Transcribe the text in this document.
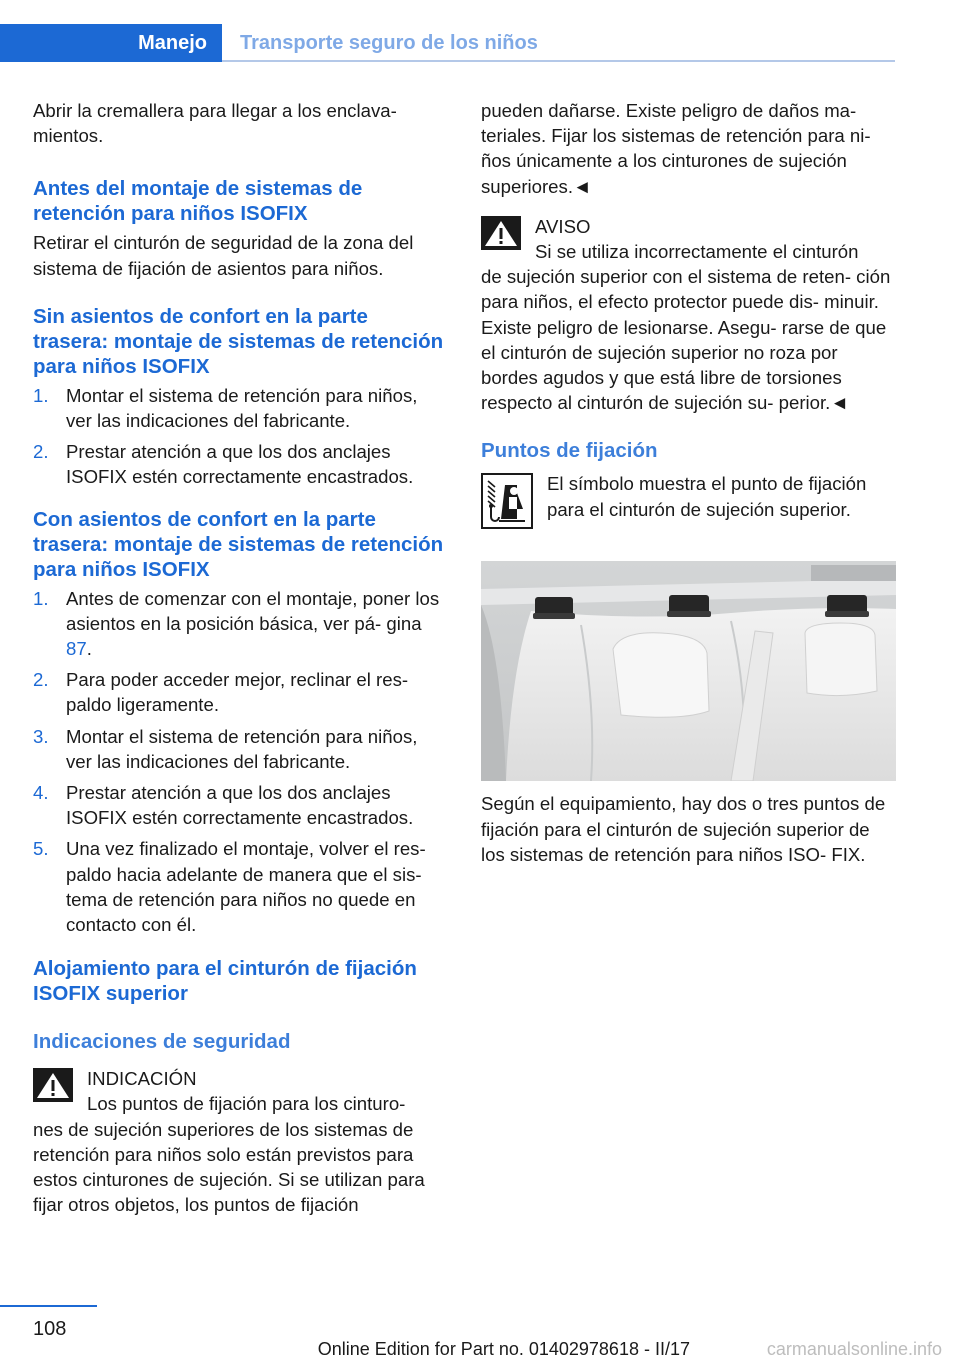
Manejo Transporte seguro de los niños

Abrir la cremallera para llegar a los enclava- mientos.

Antes del montaje de sistemas de retención para niños ISOFIX

Retirar el cinturón de seguridad de la zona del sistema de fijación de asientos para niños.

Sin asientos de confort en la parte trasera: montaje de sistemas de retención para niños ISOFIX
1. Montar el sistema de retención para niños, ver las indicaciones del fabricante.
2. Prestar atención a que los dos anclajes ISOFIX estén correctamente encastrados.
Con asientos de confort en la parte trasera: montaje de sistemas de retención para niños ISOFIX
1. Antes de comenzar con el montaje, poner los asientos en la posición básica, ver pá- gina 87.
2. Para poder acceder mejor, reclinar el res- paldo ligeramente.
3. Montar el sistema de retención para niños, ver las indicaciones del fabricante.
4. Prestar atención a que los dos anclajes ISOFIX estén correctamente encastrados.
5. Una vez finalizado el montaje, volver el res- paldo hacia adelante de manera que el sis- tema de retención para niños no quede en contacto con él.
Alojamiento para el cinturón de fijación ISOFIX superior
Indicaciones de seguridad
INDICACIÓN
Los puntos de fijación para los cinturo-
nes de sujeción superiores de los sistemas de retención para niños solo están previstos para estos cinturones de sujeción. Si se utilizan para fijar otros objetos, los puntos de fijación

pueden dañarse. Existe peligro de daños ma- teriales. Fijar los sistemas de retención para ni- ños únicamente a los cinturones de sujeción superiores.◄

AVISO
Si se utiliza incorrectamente el cinturón
de sujeción superior con el sistema de reten- ción para niños, el efecto protector puede dis- minuir. Existe peligro de lesionarse. Asegu- rarse de que el cinturón de sujeción superior no roza por bordes agudos y que está libre de torsiones respecto al cinturón de sujeción su- perior.◄
Puntos de fijación
El símbolo muestra el punto de fijación para el cinturón de sujeción superior.

Según el equipamiento, hay dos o tres puntos de fijación para el cinturón de sujeción superior de los sistemas de retención para niños ISO- FIX.

108
Online Edition for Part no. 01402978618 - II/17	carmanualsonline.info
